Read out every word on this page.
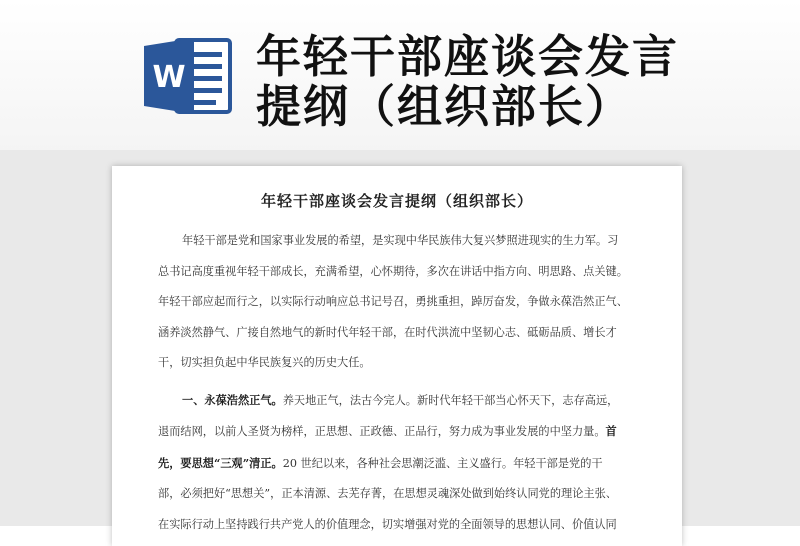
W 年轻干部座谈会发言
提纲（组织部长）
年轻干部座谈会发言提纲（组织部长）
年轻干部是党和国家事业发展的希望，是实现中华民族伟大复兴梦照进现实的生力军。习
总书记高度重视年轻干部成长，充满希望，心怀期待，多次在讲话中指方向、明思路、点关键。
年轻干部应起而行之，以实际行动响应总书记号召，勇挑重担，踔厉奋发，争做永葆浩然正气、
涵养淡然静气、广接自然地气的新时代年轻干部，在时代洪流中坚韧心志、砥砺品质、增长才
干，切实担负起中华民族复兴的历史大任。
一、永葆浩然正气。养天地正气，法古今完人。新时代年轻干部当心怀天下，志存高远，
退而结网，以前人圣贤为榜样，正思想、正政德、正品行，努力成为事业发展的中坚力量。首
先，要思想“三观”清正。20 世纪以来，各种社会思潮泛滥、主义盛行。年轻干部是党的干
部，必须把好“思想关”，正本清源、去芜存菁，在思想灵魂深处做到始终认同党的理论主张、
在实际行动上坚持践行共产党人的价值理念，切实增强对党的全面领导的思想认同、价值认同
